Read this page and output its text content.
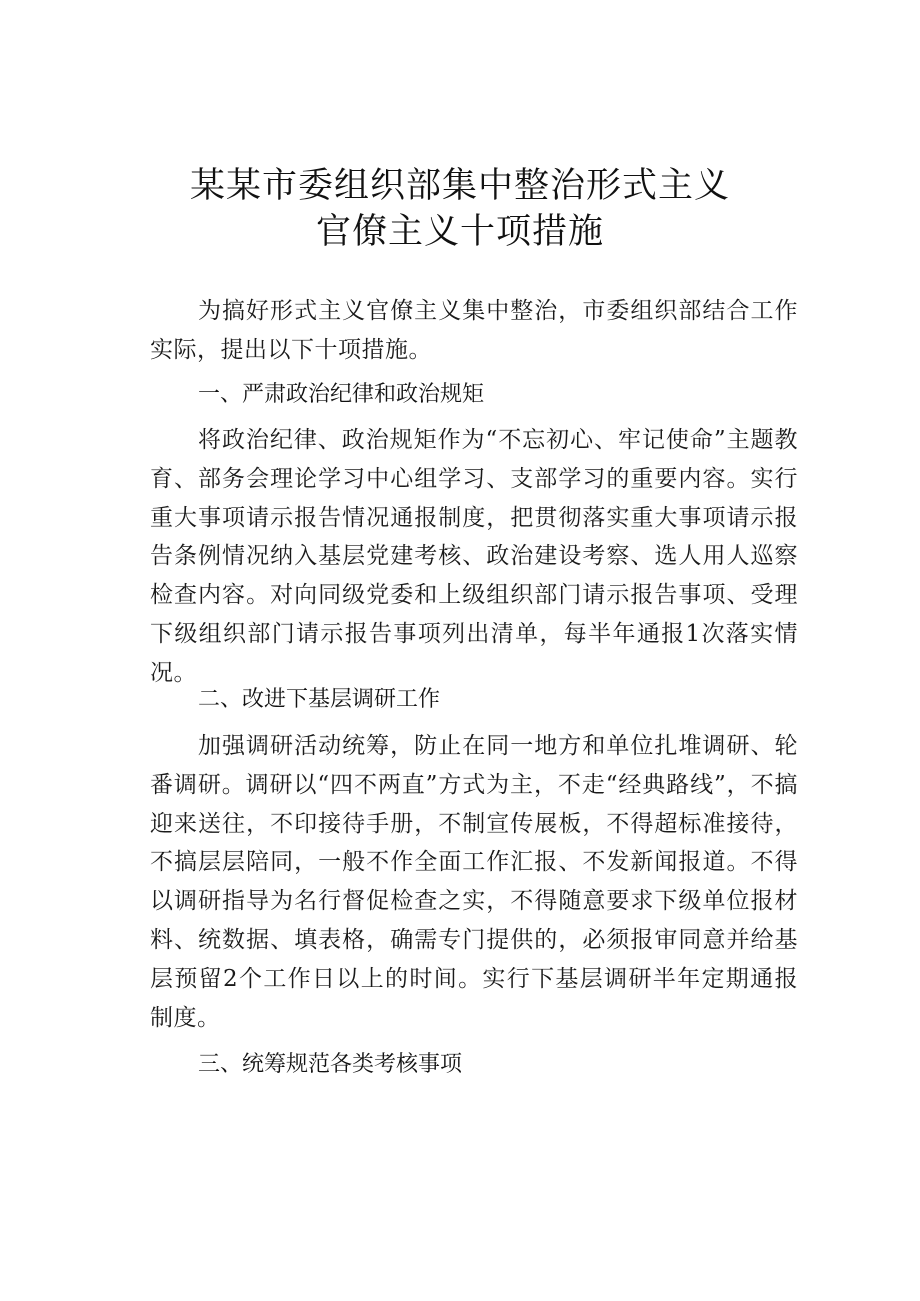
某某市委组织部集中整治形式主义
官僚主义十项措施
为搞好形式主义官僚主义集中整治，市委组织部结合工作实际，提出以下十项措施。
一、严肃政治纪律和政治规矩
将政治纪律、政治规矩作为“不忘初心、牢记使命”主题教育、部务会理论学习中心组学习、支部学习的重要内容。实行重大事项请示报告情况通报制度，把贯彻落实重大事项请示报告条例情况纳入基层党建考核、政治建设考察、选人用人巡察检查内容。对向同级党委和上级组织部门请示报告事项、受理下级组织部门请示报告事项列出清单，每半年通报1次落实情况。
二、改进下基层调研工作
加强调研活动统筹，防止在同一地方和单位扎堆调研、轮番调研。调研以“四不两直”方式为主，不走“经典路线”，不搞迎来送往，不印接待手册，不制宣传展板，不得超标准接待，不搞层层陪同，一般不作全面工作汇报、不发新闻报道。不得以调研指导为名行督促检查之实，不得随意要求下级单位报材料、统数据、填表格，确需专门提供的，必须报审同意并给基层预留2个工作日以上的时间。实行下基层调研半年定期通报制度。
三、统筹规范各类考核事项
